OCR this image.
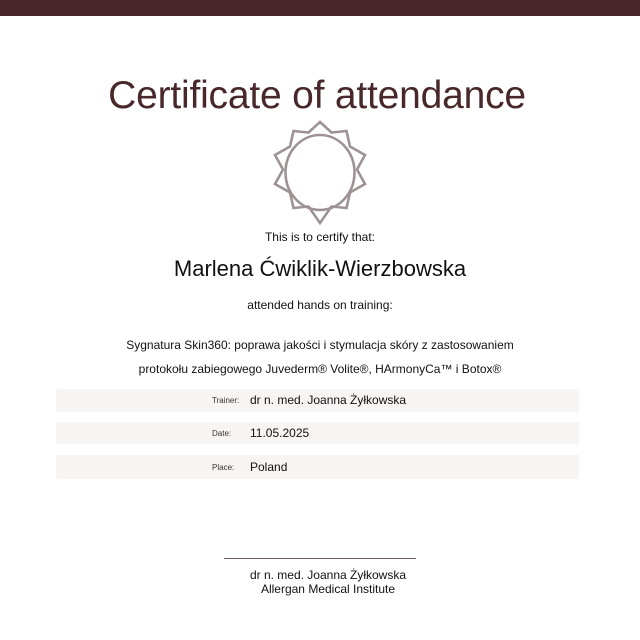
Certificate of attendance
This is to certify that:
Marlena Ćwiklik-Wierzbowska
attended hands on training:
Sygnatura Skin360: poprawa jakości i stymulacja skóry z zastosowaniem
protokołu zabiegowego Juvederm® Volite®, HArmonyCa™ i Botox®
Trainer: dr n. med. Joanna Żyłkowska
Date: 11.05.2025
Place: Poland
dr n. med. Joanna Żyłkowska
Allergan Medical Institute
